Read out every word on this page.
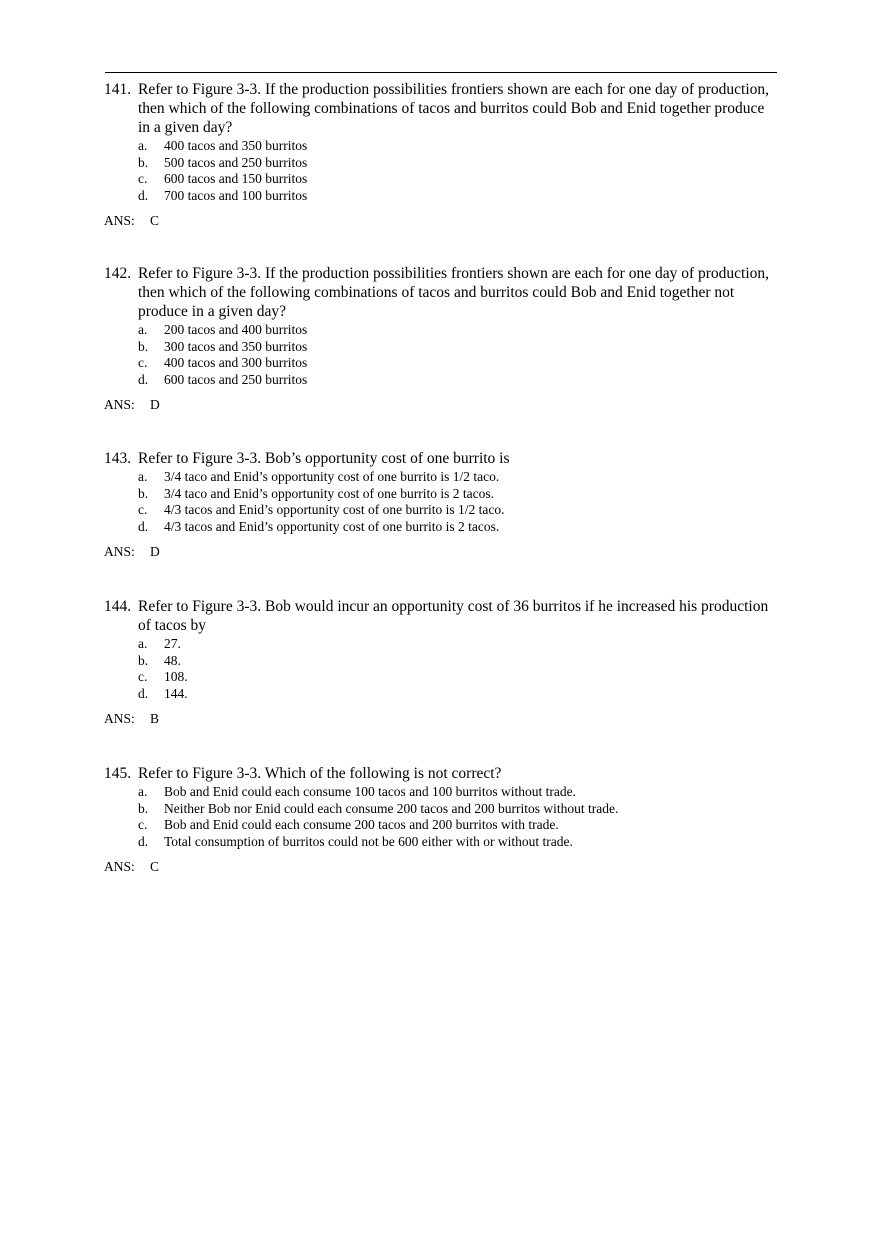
141. Refer to Figure 3-3. If the production possibilities frontiers shown are each for one day of production, then which of the following combinations of tacos and burritos could Bob and Enid together produce in a given day?
a.	400 tacos and 350 burritos
b.	500 tacos and 250 burritos
c.	600 tacos and 150 burritos
d.	700 tacos and 100 burritos
ANS: C
142. Refer to Figure 3-3. If the production possibilities frontiers shown are each for one day of production, then which of the following combinations of tacos and burritos could Bob and Enid together not produce in a given day?
a.	200 tacos and 400 burritos
b.	300 tacos and 350 burritos
c.	400 tacos and 300 burritos
d.	600 tacos and 250 burritos
ANS: D
143. Refer to Figure 3-3. Bob’s opportunity cost of one burrito is
a.	3/4 taco and Enid’s opportunity cost of one burrito is 1/2 taco.
b.	3/4 taco and Enid’s opportunity cost of one burrito is 2 tacos.
c.	4/3 tacos and Enid’s opportunity cost of one burrito is 1/2 taco.
d.	4/3 tacos and Enid’s opportunity cost of one burrito is 2 tacos.
ANS: D
144. Refer to Figure 3-3. Bob would incur an opportunity cost of 36 burritos if he increased his production of tacos by
a.	27.
b.	48.
c.	108.
d.	144.
ANS: B
145. Refer to Figure 3-3. Which of the following is not correct?
a.	Bob and Enid could each consume 100 tacos and 100 burritos without trade.
b.	Neither Bob nor Enid could each consume 200 tacos and 200 burritos without trade.
c.	Bob and Enid could each consume 200 tacos and 200 burritos with trade.
d.	Total consumption of burritos could not be 600 either with or without trade.
ANS: C
